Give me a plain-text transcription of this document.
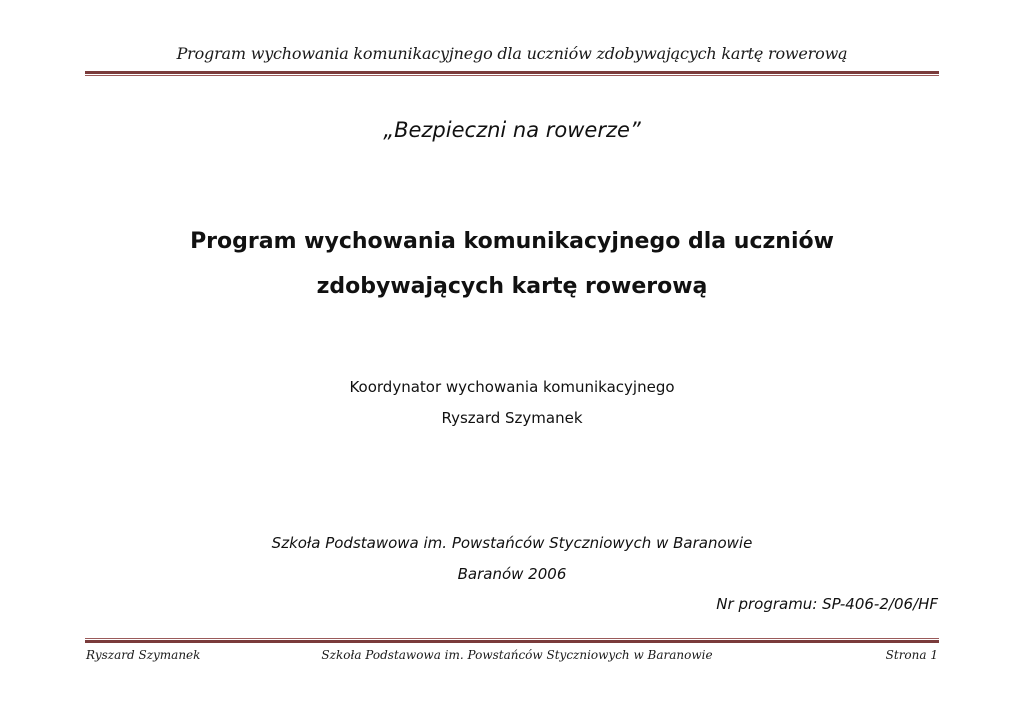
Program wychowania komunikacyjnego dla uczniów zdobywających kartę rowerową
„Bezpieczni na rowerze”
Program wychowania komunikacyjnego dla uczniów
zdobywających kartę rowerową
Koordynator wychowania komunikacyjnego
Ryszard Szymanek
Szkoła Podstawowa im. Powstańców Styczniowych w Baranowie
Baranów 2006
Nr programu: SP-406-2/06/HF
Ryszard Szymanek	Szkoła Podstawowa im. Powstańców Styczniowych w Baranowie	Strona 1
